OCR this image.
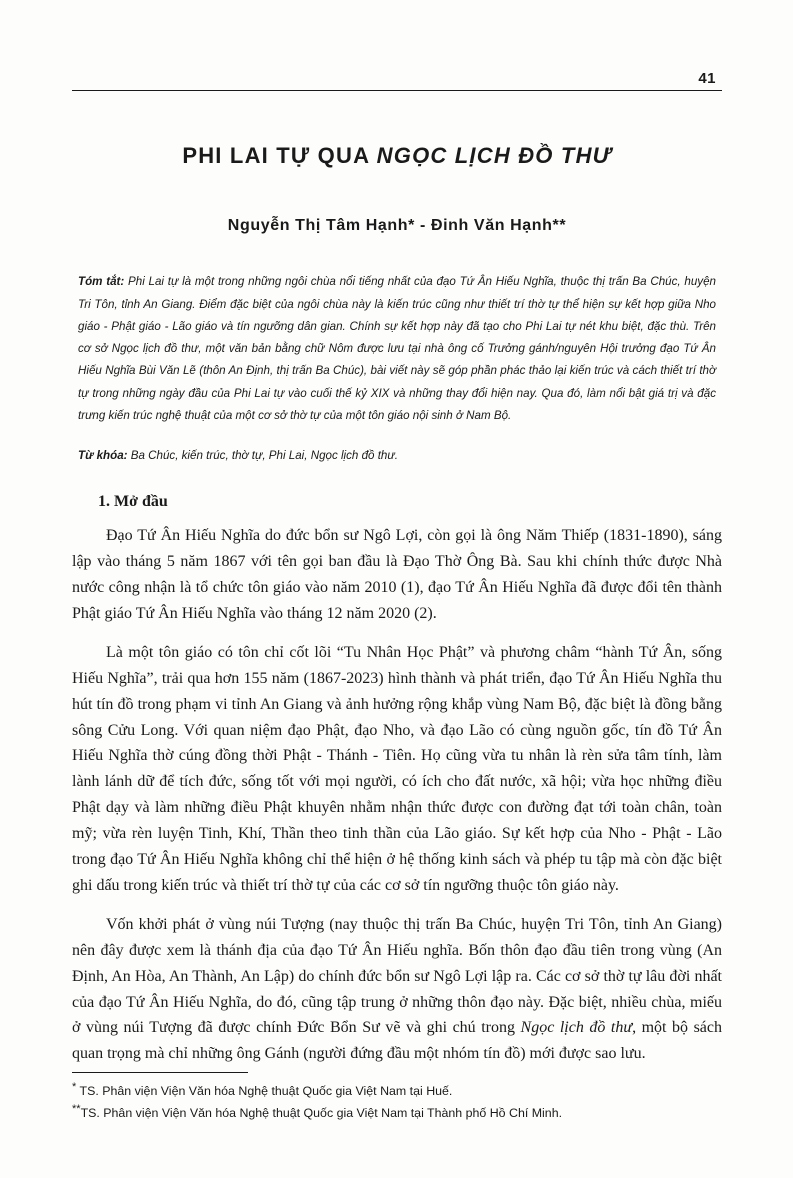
41
PHI LAI TỰ QUA NGỌC LỊCH ĐỒ THƯ
Nguyễn Thị Tâm Hạnh* - Đinh Văn Hạnh**
Tóm tắt: Phi Lai tự là một trong những ngôi chùa nổi tiếng nhất của đạo Tứ Ân Hiếu Nghĩa, thuộc thị trấn Ba Chúc, huyện Tri Tôn, tỉnh An Giang. Điểm đặc biệt của ngôi chùa này là kiến trúc cũng như thiết trí thờ tự thể hiện sự kết hợp giữa Nho giáo - Phật giáo - Lão giáo và tín ngưỡng dân gian. Chính sự kết hợp này đã tạo cho Phi Lai tự nét khu biệt, đặc thù. Trên cơ sở Ngọc lịch đồ thư, một văn bản bằng chữ Nôm được lưu tại nhà ông cố Trưởng gánh/nguyên Hội trưởng đạo Tứ Ân Hiếu Nghĩa Bùi Văn Lẽ (thôn An Định, thị trấn Ba Chúc), bài viết này sẽ góp phần phác thảo lại kiến trúc và cách thiết trí thờ tự trong những ngày đầu của Phi Lai tự vào cuối thế kỷ XIX và những thay đổi hiện nay. Qua đó, làm nổi bật giá trị và đặc trưng kiến trúc nghệ thuật của một cơ sở thờ tự của một tôn giáo nội sinh ở Nam Bộ.
Từ khóa: Ba Chúc, kiến trúc, thờ tự, Phi Lai, Ngọc lịch đồ thư.
1. Mở đầu

Đạo Tứ Ân Hiếu Nghĩa do đức bổn sư Ngô Lợi, còn gọi là ông Năm Thiếp (1831-1890), sáng lập vào tháng 5 năm 1867 với tên gọi ban đầu là Đạo Thờ Ông Bà. Sau khi chính thức được Nhà nước công nhận là tổ chức tôn giáo vào năm 2010 (1), đạo Tứ Ân Hiếu Nghĩa đã được đổi tên thành Phật giáo Tứ Ân Hiếu Nghĩa vào tháng 12 năm 2020 (2).

Là một tôn giáo có tôn chỉ cốt lõi “Tu Nhân Học Phật” và phương châm “hành Tứ Ân, sống Hiếu Nghĩa”, trải qua hơn 155 năm (1867-2023) hình thành và phát triển, đạo Tứ Ân Hiếu Nghĩa thu hút tín đồ trong phạm vi tỉnh An Giang và ảnh hưởng rộng khắp vùng Nam Bộ, đặc biệt là đồng bằng sông Cửu Long. Với quan niệm đạo Phật, đạo Nho, và đạo Lão có cùng nguồn gốc, tín đồ Tứ Ân Hiếu Nghĩa thờ cúng đồng thời Phật - Thánh - Tiên. Họ cũng vừa tu nhân là rèn sửa tâm tính, làm lành lánh dữ để tích đức, sống tốt với mọi người, có ích cho đất nước, xã hội; vừa học những điều Phật dạy và làm những điều Phật khuyên nhằm nhận thức được con đường đạt tới toàn chân, toàn mỹ; vừa rèn luyện Tinh, Khí, Thần theo tinh thần của Lão giáo. Sự kết hợp của Nho - Phật - Lão trong đạo Tứ Ân Hiếu Nghĩa không chỉ thể hiện ở hệ thống kinh sách và phép tu tập mà còn đặc biệt ghi dấu trong kiến trúc và thiết trí thờ tự của các cơ sở tín ngưỡng thuộc tôn giáo này.

Vốn khởi phát ở vùng núi Tượng (nay thuộc thị trấn Ba Chúc, huyện Tri Tôn, tỉnh An Giang) nên đây được xem là thánh địa của đạo Tứ Ân Hiếu nghĩa. Bốn thôn đạo đầu tiên trong vùng (An Định, An Hòa, An Thành, An Lập) do chính đức bổn sư Ngô Lợi lập ra. Các cơ sở thờ tự lâu đời nhất của đạo Tứ Ân Hiếu Nghĩa, do đó, cũng tập trung ở những thôn đạo này. Đặc biệt, nhiều chùa, miếu ở vùng núi Tượng đã được chính Đức Bổn Sư vẽ và ghi chú trong Ngọc lịch đồ thư, một bộ sách quan trọng mà chỉ những ông Gánh (người đứng đầu một nhóm tín đồ) mới được sao lưu.

* TS. Phân viện Viện Văn hóa Nghệ thuật Quốc gia Việt Nam tại Huế.

**TS. Phân viện Viện Văn hóa Nghệ thuật Quốc gia Việt Nam tại Thành phố Hồ Chí Minh.
